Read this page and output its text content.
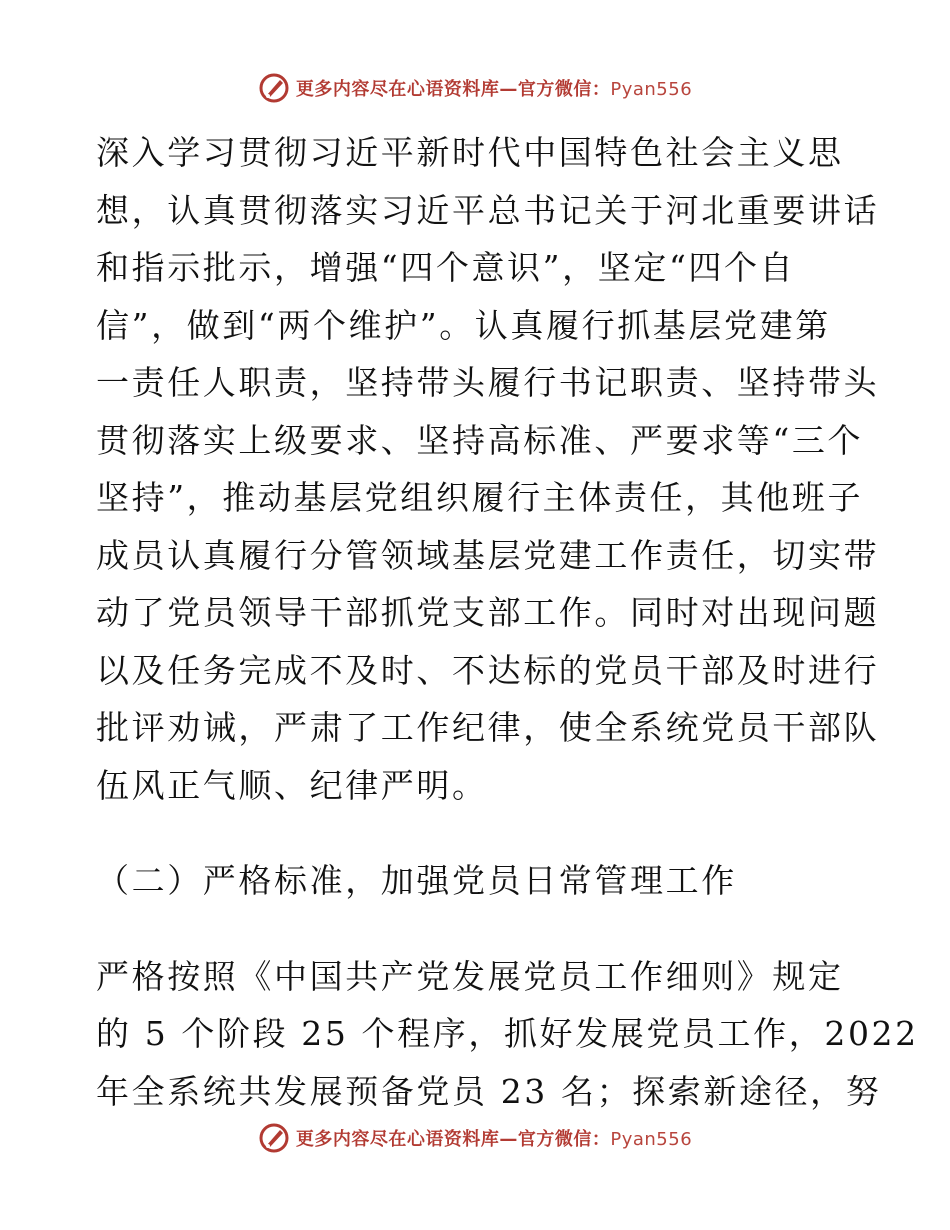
更多内容尽在心语资料库—官方微信：Pyan556
深入学习贯彻习近平新时代中国特色社会主义思
想，认真贯彻落实习近平总书记关于河北重要讲话
和指示批示，增强“四个意识”，坚定“四个自
信”，做到“两个维护”。认真履行抓基层党建第
一责任人职责，坚持带头履行书记职责、坚持带头
贯彻落实上级要求、坚持高标准、严要求等“三个
坚持”，推动基层党组织履行主体责任，其他班子
成员认真履行分管领域基层党建工作责任，切实带
动了党员领导干部抓党支部工作。同时对出现问题
以及任务完成不及时、不达标的党员干部及时进行
批评劝诫，严肃了工作纪律，使全系统党员干部队
伍风正气顺、纪律严明。
（二）严格标准，加强党员日常管理工作
严格按照《中国共产党发展党员工作细则》规定
的 5 个阶段 25 个程序，抓好发展党员工作，2022
年全系统共发展预备党员 23 名；探索新途径，努
更多内容尽在心语资料库—官方微信：Pyan556
